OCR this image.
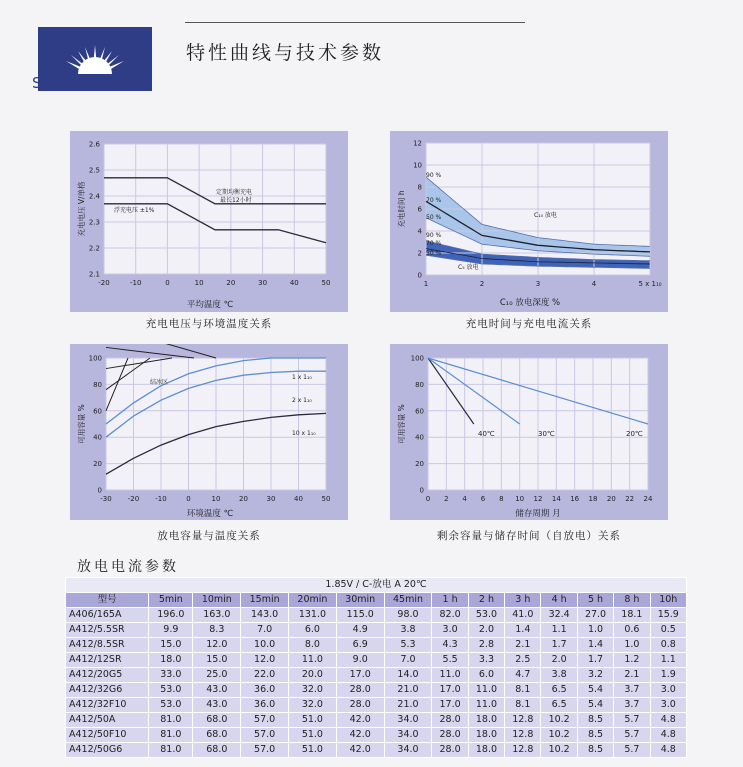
Sonnenschein
特性曲线与技术参数
-20	-10	0	10	20	30	40	50
2.1
2.2
2.3
2.4
2.5
2.6
定期均衡充电
最长12小时
浮充电压 ±1%
平均温度 ℃
充电电压 V/单格
充电电压与环境温度关系
1	2	3	4	5 x 1₁₀
0
2
4
6
8
10
12
90 %
70 %
50 %
90 %
70 %
50 %
C₁₀ 放电
C₅ 放电
C₁₀ 放电深度 %
充电时间 h
充电时间与充电电流关系
-30 -20 -10	0	10	20	30	40	50
0
20
40
60
80
100
结冰区
1 x 1₁₀
2 x 1₁₀
10 x 1₁₀
环境温度 ℃
可用容量 %
放电容量与温度关系
0 2 4 6 8 10 12 14 16 18 20 22 24
0
20
40
60
80
100
40℃	30℃	20℃
储存周期 月
可用容量 %
剩余容量与储存时间（自放电）关系
放电电流参数
1.85V / C-放电 A 20℃													
型号	5min	10min	15min	20min	30min	45min	1 h	2 h	3 h	4 h	5 h	8 h	10h
A406/165A	196.0	163.0	143.0	131.0	115.0	98.0	82.0	53.0	41.0	32.4	27.0	18.1	15.9
A412/5.5SR	9.9	8.3	7.0	6.0	4.9	3.8	3.0	2.0	1.4	1.1	1.0	0.6	0.5
A412/8.5SR	15.0	12.0	10.0	8.0	6.9	5.3	4.3	2.8	2.1	1.7	1.4	1.0	0.8
A412/12SR	18.0	15.0	12.0	11.0	9.0	7.0	5.5	3.3	2.5	2.0	1.7	1.2	1.1
A412/20G5	33.0	25.0	22.0	20.0	17.0	14.0	11.0	6.0	4.7	3.8	3.2	2.1	1.9
A412/32G6	53.0	43.0	36.0	32.0	28.0	21.0	17.0	11.0	8.1	6.5	5.4	3.7	3.0
A412/32F10	53.0	43.0	36.0	32.0	28.0	21.0	17.0	11.0	8.1	6.5	5.4	3.7	3.0
A412/50A	81.0	68.0	57.0	51.0	42.0	34.0	28.0	18.0	12.8	10.2	8.5	5.7	4.8
A412/50F10	81.0	68.0	57.0	51.0	42.0	34.0	28.0	18.0	12.8	10.2	8.5	5.7	4.8
A412/50G6	81.0	68.0	57.0	51.0	42.0	34.0	28.0	18.0	12.8	10.2	8.5	5.7	4.8
